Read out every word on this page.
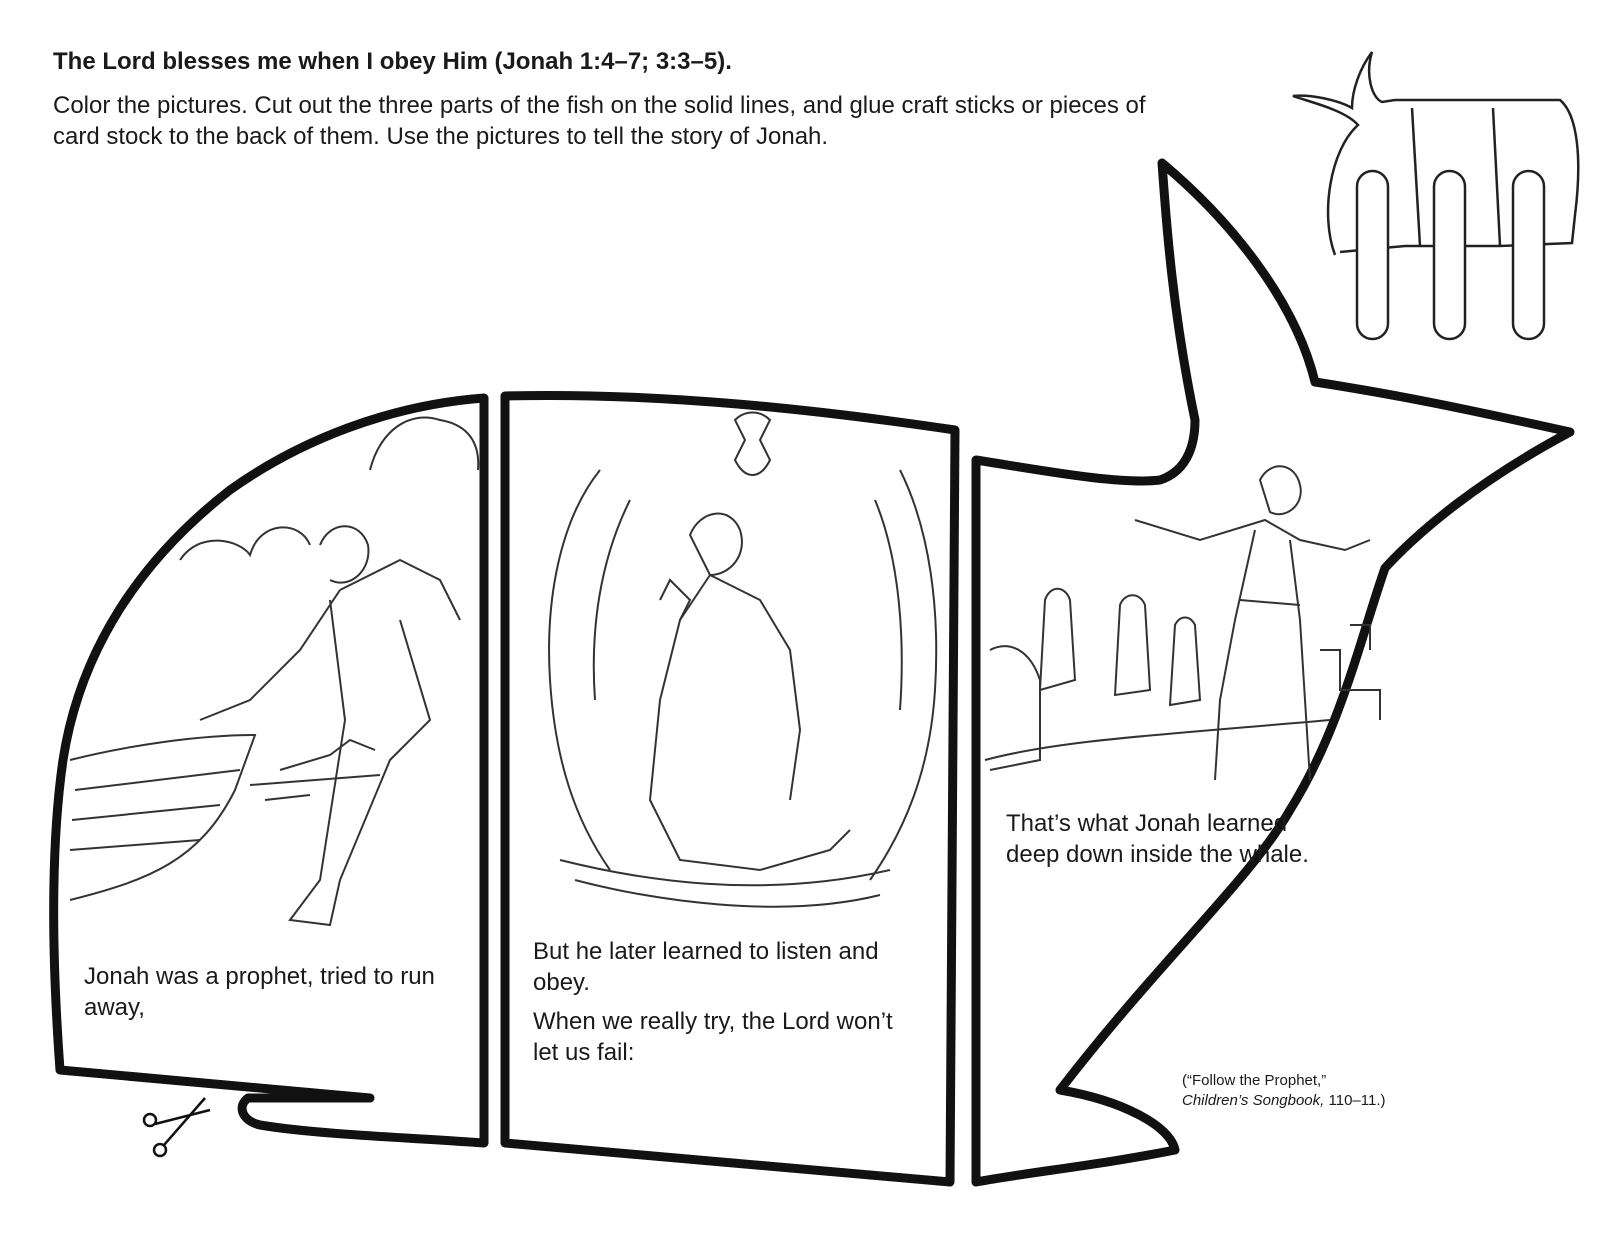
The Lord blesses me when I obey Him (Jonah 1:4–7; 3:3–5).

Color the pictures. Cut out the three parts of the fish on the solid lines, and glue craft sticks or pieces of card stock to the back of them. Use the pictures to tell the story of Jonah.

Jonah was a prophet, tried to run away,

But he later learned to listen and obey.

When we really try, the Lord won’t let us fail:

That’s what Jonah learned deep down inside the whale.

(“Follow the Prophet,”
Children’s Songbook, 110–11.)
